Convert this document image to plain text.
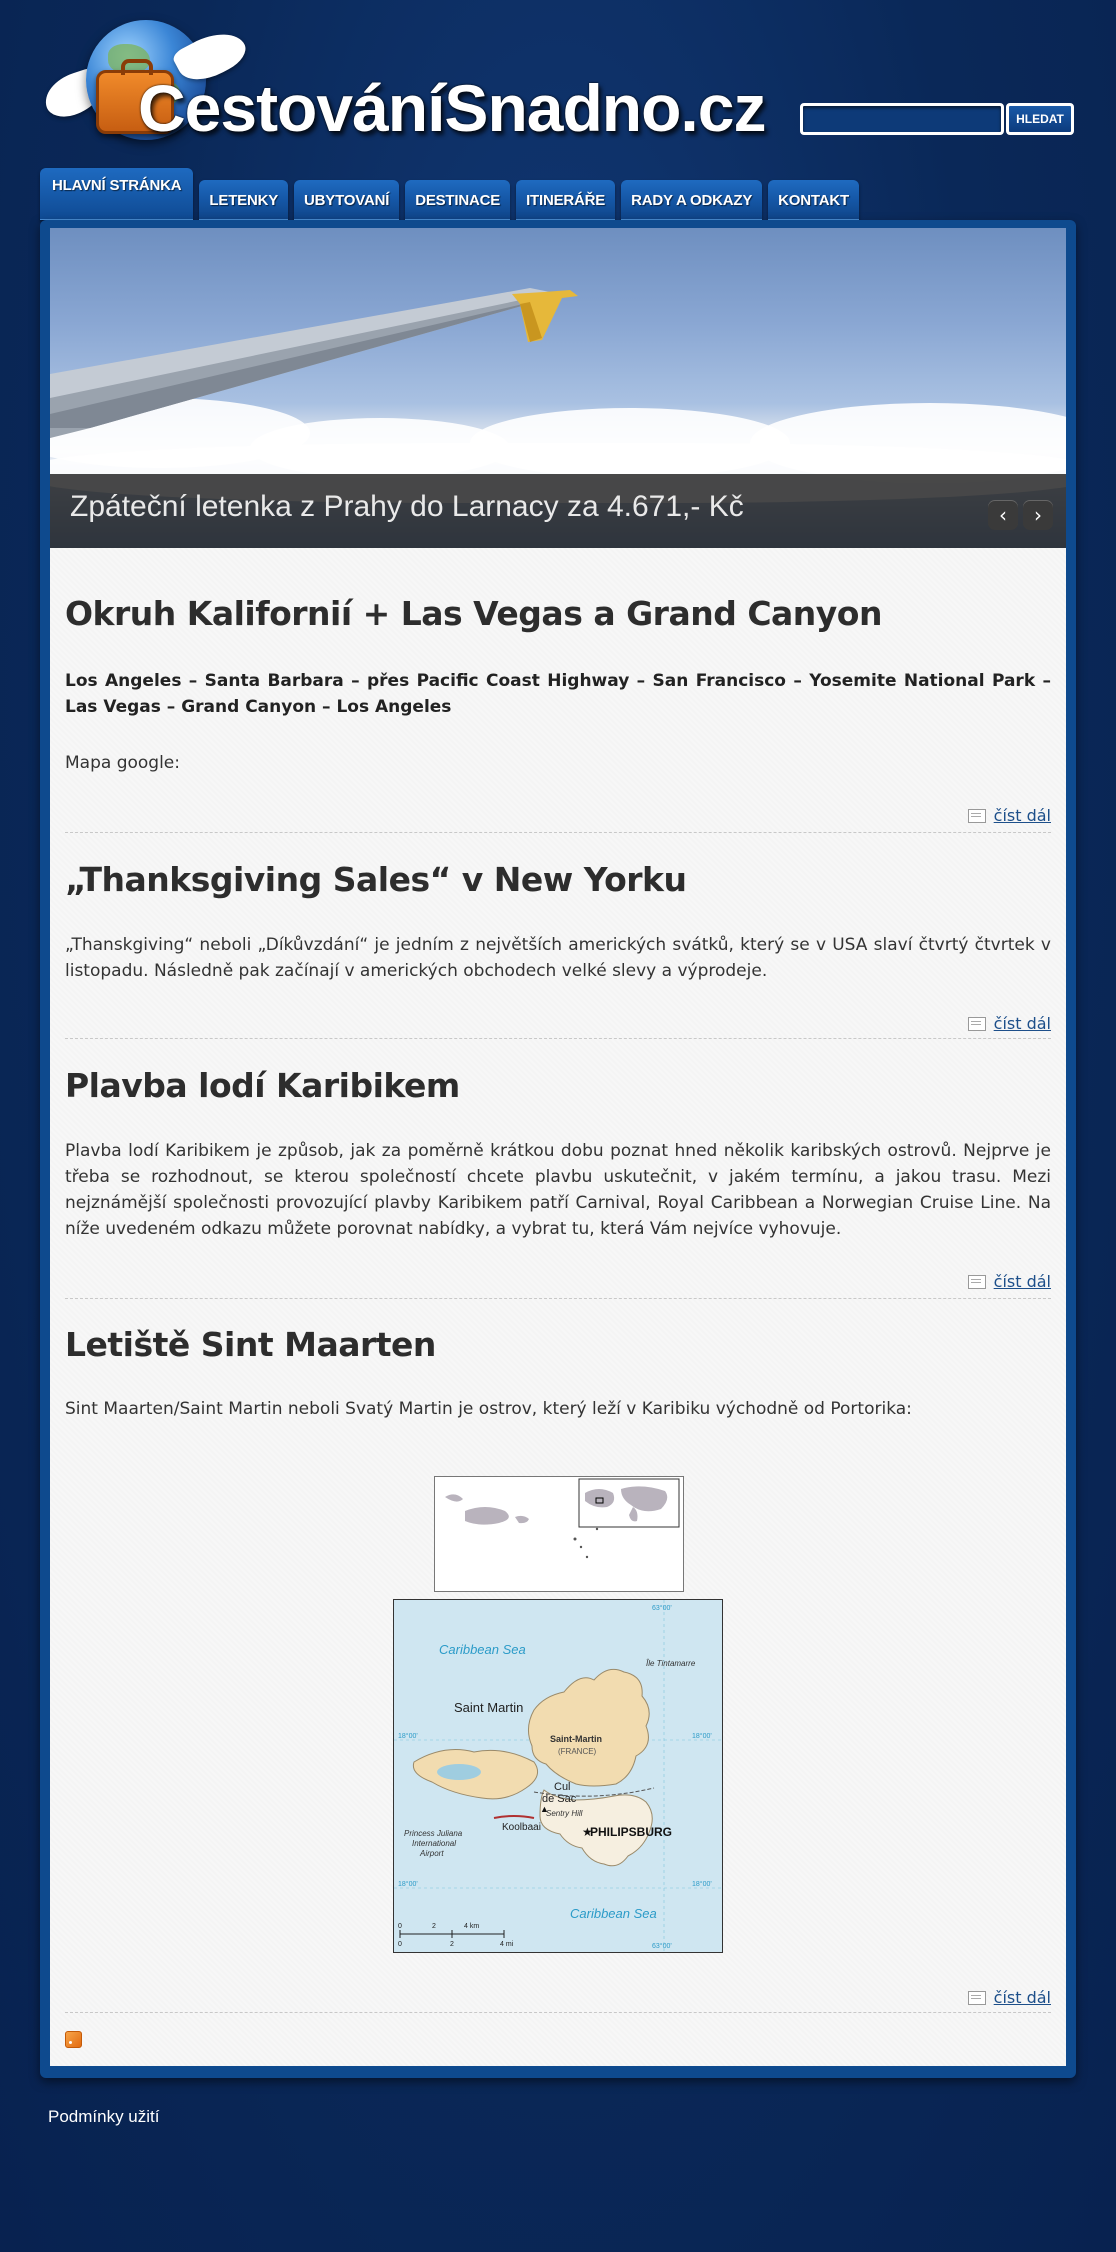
CestováníSnadno.cz	HLEDAT
HLAVNÍ STRÁNKA
LETENKY UBYTOVANÍ DESTINACE ITINERÁŘE RADY A ODKAZY KONTAKT
Zpáteční letenka z Prahy do Larnacy za 4.671,- Kč	‹	›
Okruh Kalifornií + Las Vegas a Grand Canyon

Los Angeles – Santa Barbara – přes Pacific Coast Highway – San Francisco – Yosemite National Park – Las Vegas – Grand Canyon – Los Angeles

Mapa google:

číst dál
„Thanksgiving Sales“ v New Yorku

„Thanskgiving“ neboli „Díkůvzdání“ je jedním z největších amerických svátků, který se v USA slaví čtvrtý čtvrtek v listopadu. Následně pak začínají v amerických obchodech velké slevy a výprodeje.

číst dál
Plavba lodí Karibikem

Plavba lodí Karibikem je způsob, jak za poměrně krátkou dobu poznat hned několik karibských ostrovů. Nejprve je třeba se rozhodnout, se kterou společností chcete plavbu uskutečnit, v jakém termínu, a jakou trasu. Mezi nejznámější společnosti provozující plavby Karibikem patří Carnival, Royal Caribbean a Norwegian Cruise Line. Na níže uvedeném odkazu můžete porovnat nabídky, a vybrat tu, která Vám nejvíce vyhovuje.

číst dál
Letiště Sint Maarten

Sint Maarten/Saint Martin neboli Svatý Martin je ostrov, který leží v Karibiku východně od Portorika:

Caribbean Sea
Île Tintamarre
Saint Martin
Saint-Martin
(FRANCE)
Cul
de Sac
Sentry Hill
Koolbaai	PHILIPSBURG
Princess Juliana
International
Airport
Caribbean Sea
63°00'
63°00'
18°00'	18°00'
18°00'	18°00'
★
▲
0	2	4 km
0	2	4 mi
číst dál
Podmínky užití
